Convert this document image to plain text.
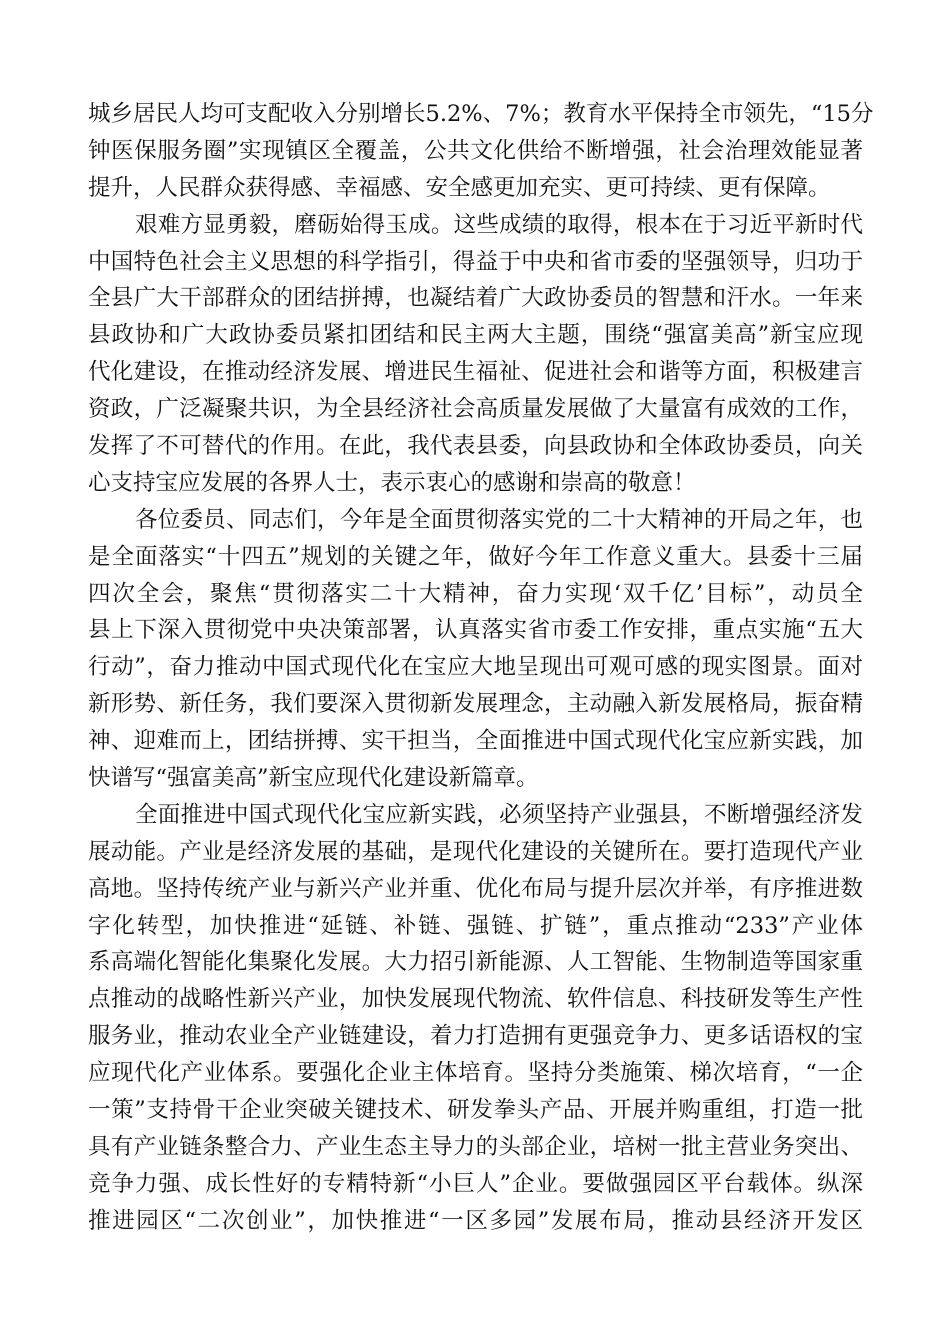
城乡居民人均可支配收入分别增长5.2%、7%；教育水平保持全市领先，“15分
钟医保服务圈”实现镇区全覆盖，公共文化供给不断增强，社会治理效能显著
提升，人民群众获得感、幸福感、安全感更加充实、更可持续、更有保障。
艰难方显勇毅，磨砺始得玉成。这些成绩的取得，根本在于习近平新时代
中国特色社会主义思想的科学指引，得益于中央和省市委的坚强领导，归功于
全县广大干部群众的团结拼搏，也凝结着广大政协委员的智慧和汗水。一年来
县政协和广大政协委员紧扣团结和民主两大主题，围绕“强富美高”新宝应现
代化建设，在推动经济发展、增进民生福祉、促进社会和谐等方面，积极建言
资政，广泛凝聚共识，为全县经济社会高质量发展做了大量富有成效的工作，
发挥了不可替代的作用。在此，我代表县委，向县政协和全体政协委员，向关
心支持宝应发展的各界人士，表示衷心的感谢和崇高的敬意！
各位委员、同志们，今年是全面贯彻落实党的二十大精神的开局之年，也
是全面落实“十四五”规划的关键之年，做好今年工作意义重大。县委十三届
四次全会，聚焦“贯彻落实二十大精神，奋力实现‘双千亿’目标”，动员全
县上下深入贯彻党中央决策部署，认真落实省市委工作安排，重点实施“五大
行动”，奋力推动中国式现代化在宝应大地呈现出可观可感的现实图景。面对
新形势、新任务，我们要深入贯彻新发展理念，主动融入新发展格局，振奋精
神、迎难而上，团结拼搏、实干担当，全面推进中国式现代化宝应新实践，加
快谱写“强富美高”新宝应现代化建设新篇章。
全面推进中国式现代化宝应新实践，必须坚持产业强县，不断增强经济发
展动能。产业是经济发展的基础，是现代化建设的关键所在。要打造现代产业
高地。坚持传统产业与新兴产业并重、优化布局与提升层次并举，有序推进数
字化转型，加快推进“延链、补链、强链、扩链”，重点推动“233”产业体
系高端化智能化集聚化发展。大力招引新能源、人工智能、生物制造等国家重
点推动的战略性新兴产业，加快发展现代物流、软件信息、科技研发等生产性
服务业，推动农业全产业链建设，着力打造拥有更强竞争力、更多话语权的宝
应现代化产业体系。要强化企业主体培育。坚持分类施策、梯次培育，“一企
一策”支持骨干企业突破关键技术、研发拳头产品、开展并购重组，打造一批
具有产业链条整合力、产业生态主导力的头部企业，培树一批主营业务突出、
竞争力强、成长性好的专精特新“小巨人”企业。要做强园区平台载体。纵深
推进园区“二次创业”，加快推进“一区多园”发展布局，推动县经济开发区
